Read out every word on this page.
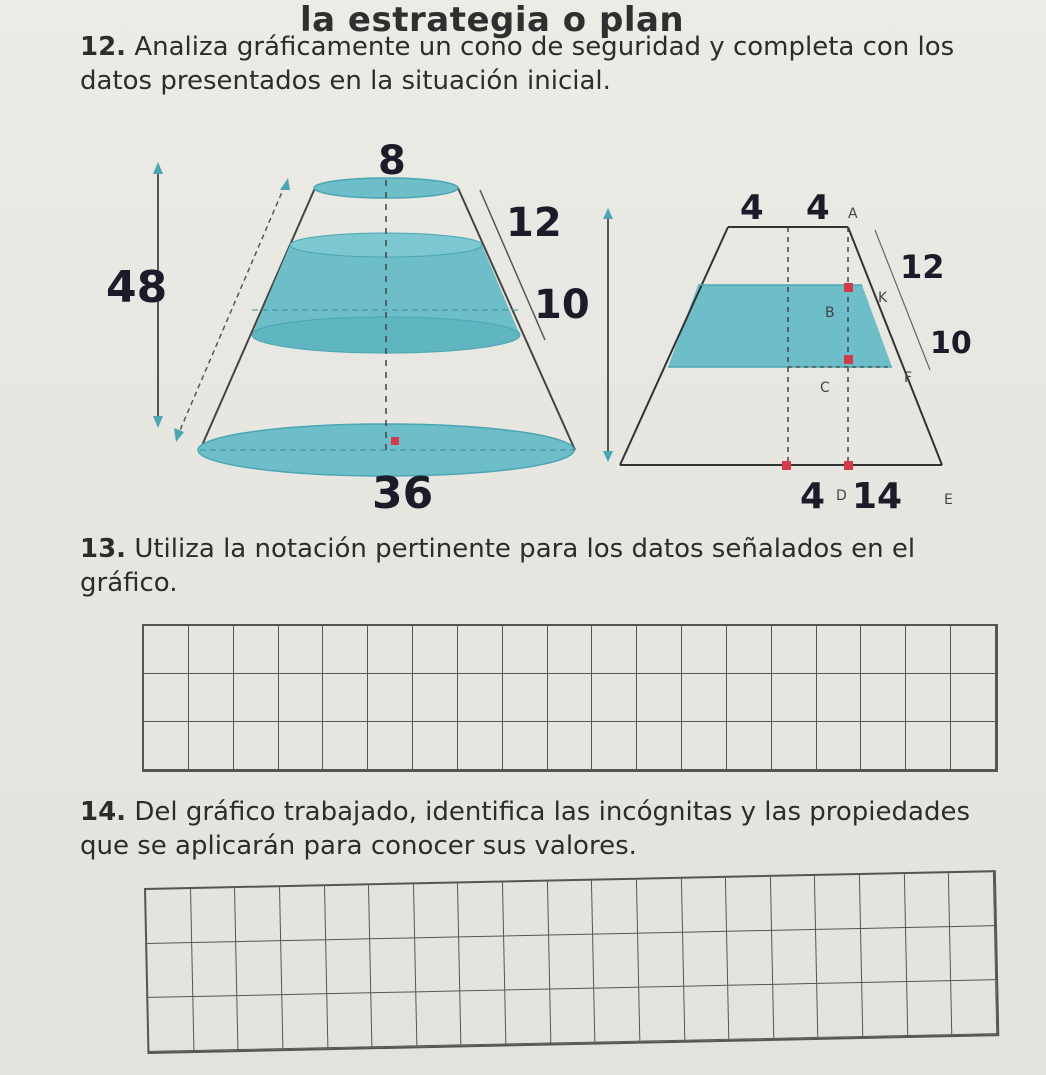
la estrategia o plan
12. Analiza gráficamente un cono de seguridad y completa con los datos presentados en la situación inicial.
8
48
12
10
36
4 4
12
10
4 14
A
B
C
D	E
F
K
13. Utiliza la notación pertinente para los datos señalados en el gráfico.
14. Del gráfico trabajado, identifica las incógnitas y las propiedades que se aplicarán para conocer sus valores.
